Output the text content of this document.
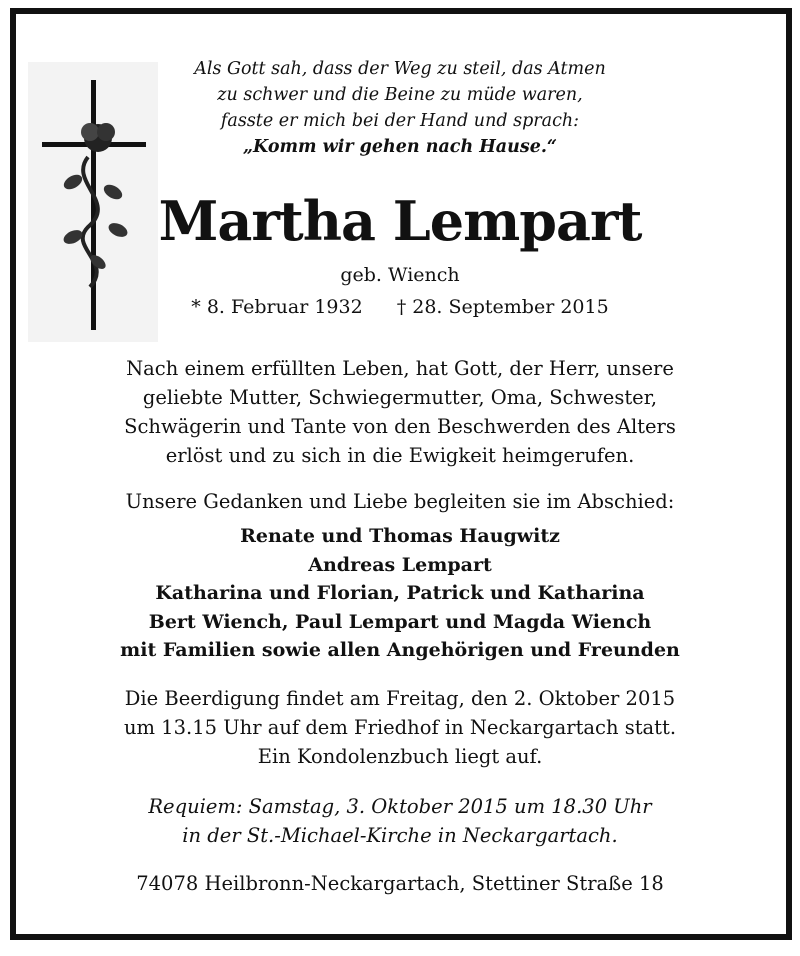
Als Gott sah, dass der Weg zu steil, das Atmen
zu schwer und die Beine zu müde waren,
fasste er mich bei der Hand und sprach:
„Komm wir gehen nach Hause.“
Martha Lempart
geb. Wiench
* 8. Februar 1932 † 28. September 2015
Nach einem erfüllten Leben, hat Gott, der Herr, unsere
geliebte Mutter, Schwiegermutter, Oma, Schwester,
Schwägerin und Tante von den Beschwerden des Alters
erlöst und zu sich in die Ewigkeit heimgerufen.
Unsere Gedanken und Liebe begleiten sie im Abschied:
Renate und Thomas Haugwitz
Andreas Lempart
Katharina und Florian, Patrick und Katharina
Bert Wiench, Paul Lempart und Magda Wiench
mit Familien sowie allen Angehörigen und Freunden
Die Beerdigung findet am Freitag, den 2. Oktober 2015
um 13.15 Uhr auf dem Friedhof in Neckargartach statt.
Ein Kondolenzbuch liegt auf.
Requiem: Samstag, 3. Oktober 2015 um 18.30 Uhr
in der St.-Michael-Kirche in Neckargartach.
74078 Heilbronn-Neckargartach, Stettiner Straße 18
